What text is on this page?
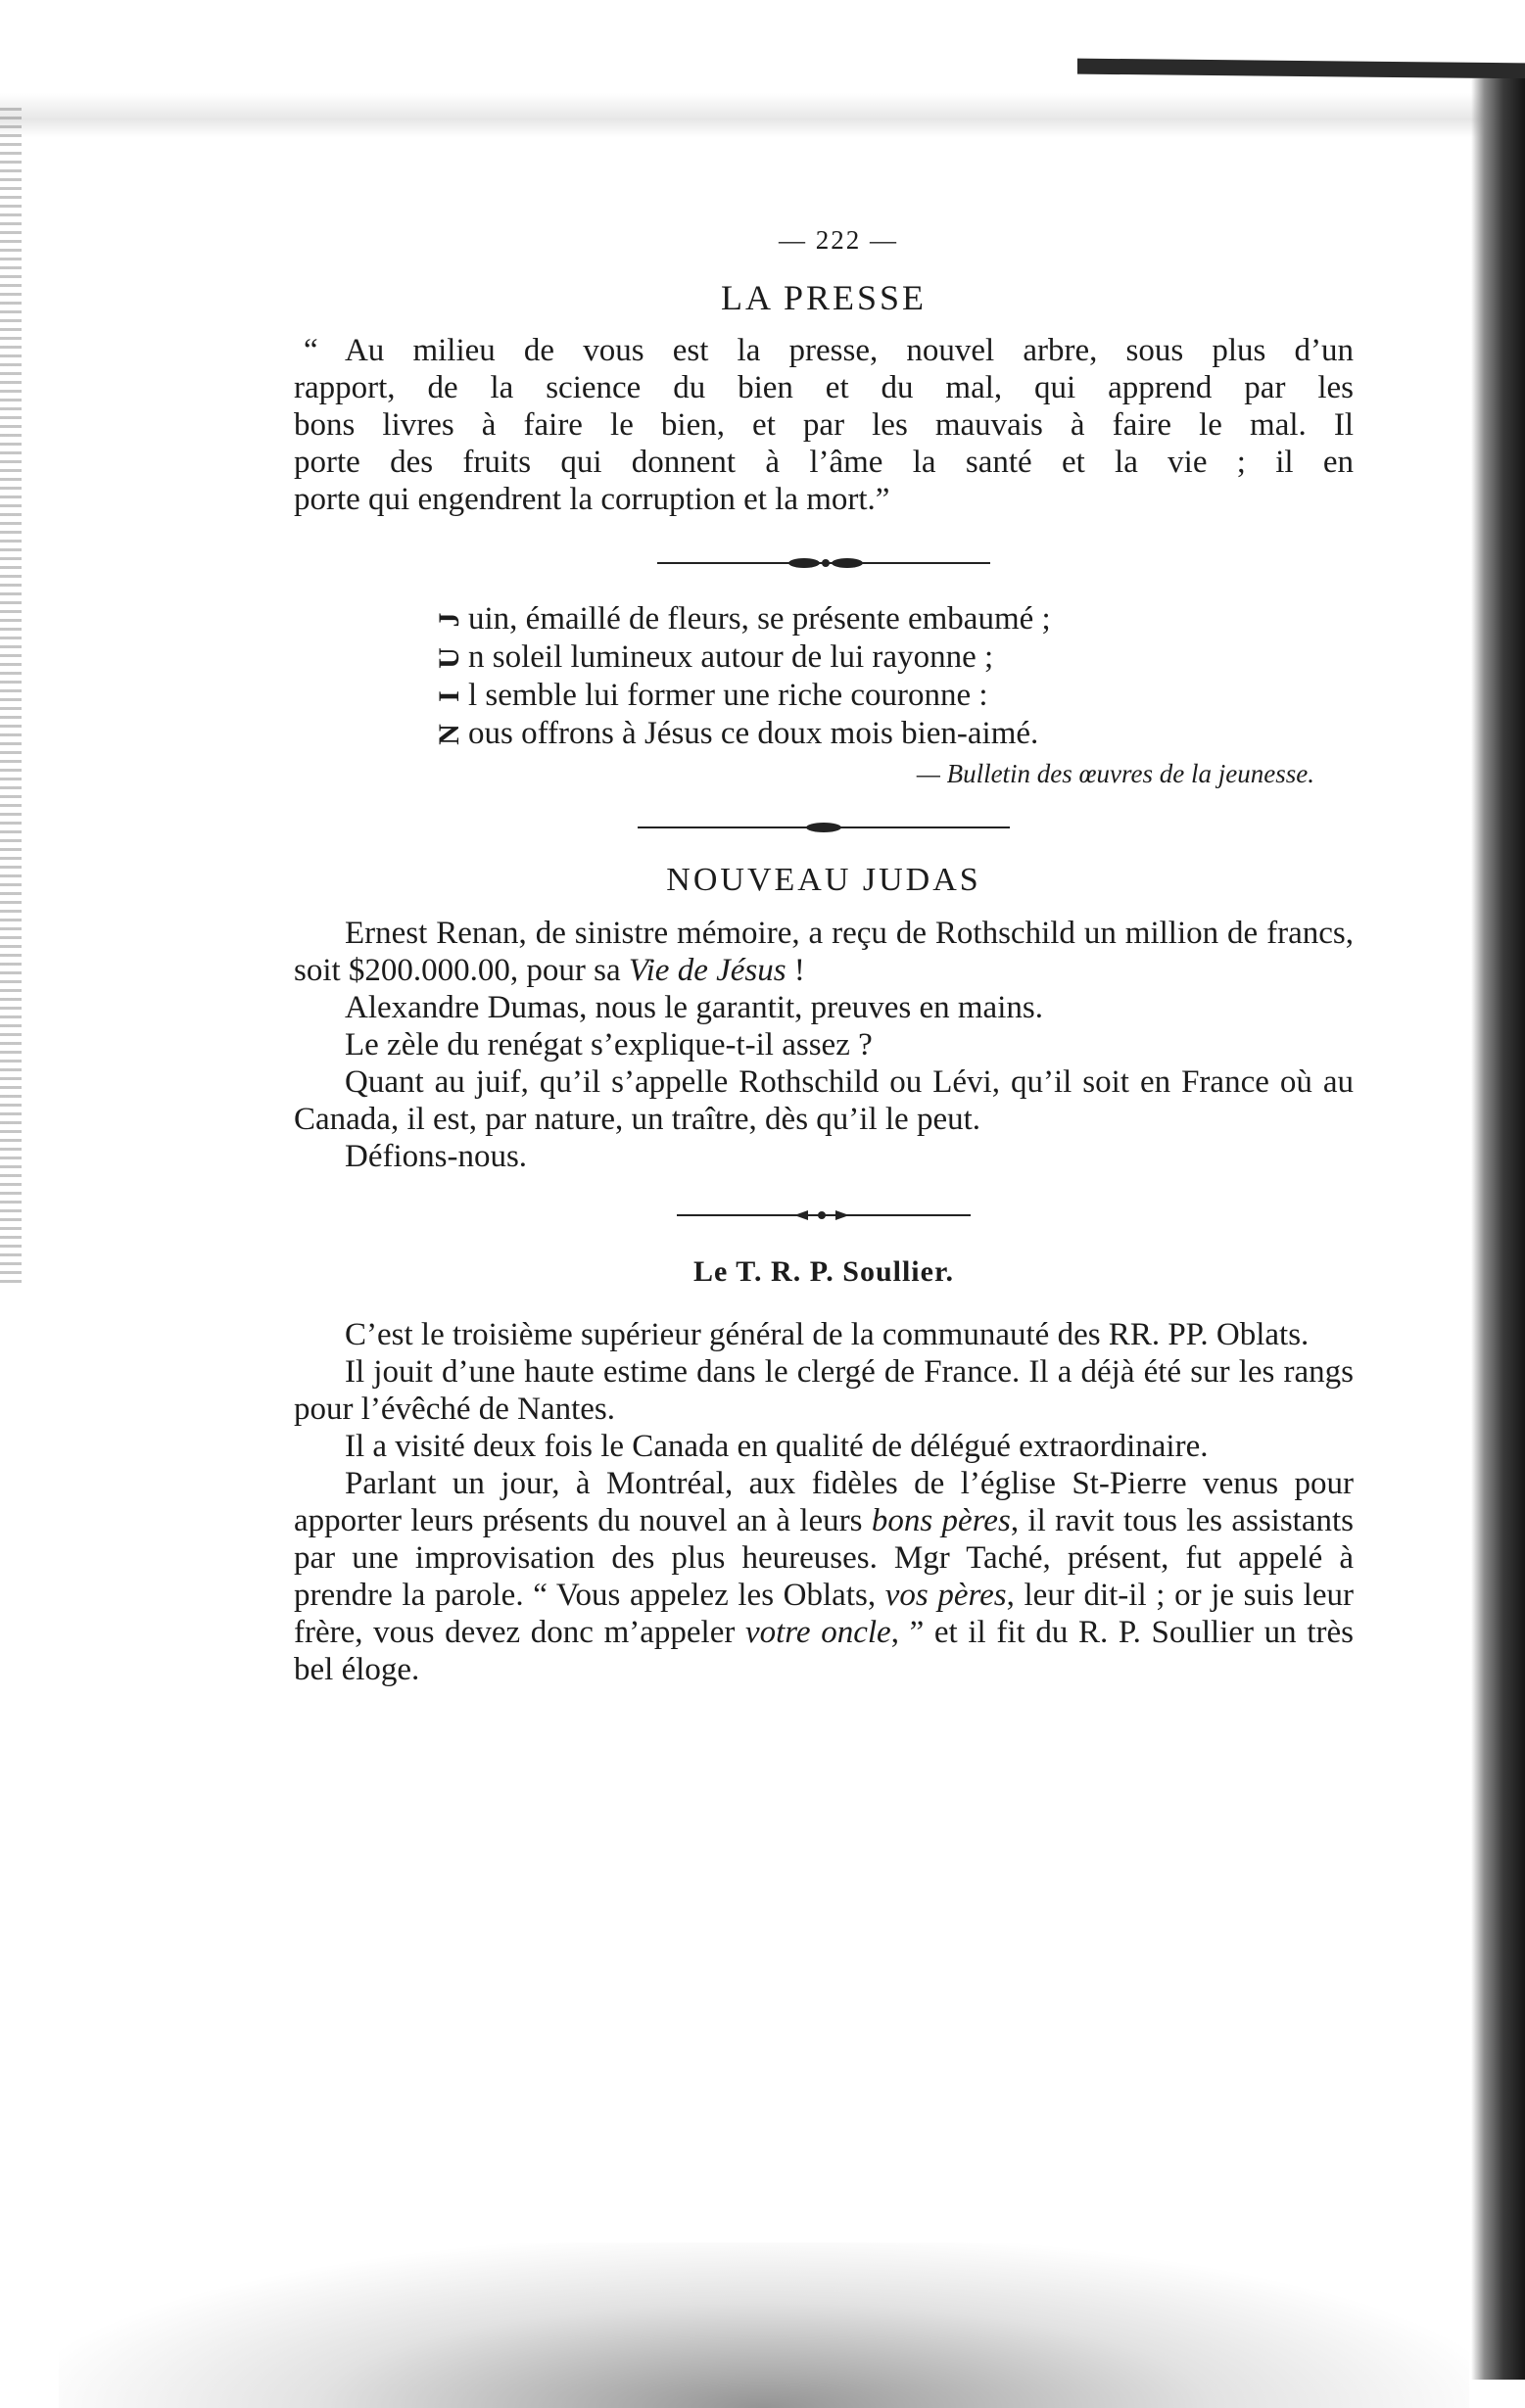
— 222 —
LA PRESSE
“ Au milieu de vous est la presse, nouvel arbre, sous plus d’un
rapport, de la science du bien et du mal, qui apprend par les
bons livres à faire le bien, et par les mauvais à faire le mal. Il
porte des fruits qui donnent à l’âme la santé et la vie ; il en
porte qui engendrent la corruption et la mort.”
J uin, émaillé de fleurs, se présente embaumé ;
U n soleil lumineux autour de lui rayonne ;
I l semble lui former une riche couronne :
N ous offrons à Jésus ce doux mois bien-aimé.
— Bulletin des œuvres de la jeunesse.
NOUVEAU JUDAS

Ernest Renan, de sinistre mémoire, a reçu de Rothschild un million de francs, soit $200.000.00, pour sa Vie de Jésus !

Alexandre Dumas, nous le garantit, preuves en mains.

Le zèle du renégat s’explique-t-il assez ?

Quant au juif, qu’il s’appelle Rothschild ou Lévi, qu’il soit en France où au Canada, il est, par nature, un traître, dès qu’il le peut.

Défions-nous.

Le T. R. P. Soullier.

C’est le troisième supérieur général de la communauté des RR. PP. Oblats.

Il jouit d’une haute estime dans le clergé de France. Il a déjà été sur les rangs pour l’évêché de Nantes.

Il a visité deux fois le Canada en qualité de délégué extraordinaire.

Parlant un jour, à Montréal, aux fidèles de l’église St-Pierre venus pour apporter leurs présents du nouvel an à leurs bons pères, il ravit tous les assistants par une improvisation des plus heureuses. Mgr Taché, présent, fut appelé à prendre la parole. “ Vous appelez les Oblats, vos pères, leur dit-il ; or je suis leur frère, vous devez donc m’appeler votre oncle, ” et il fit du R. P. Soullier un très bel éloge.
